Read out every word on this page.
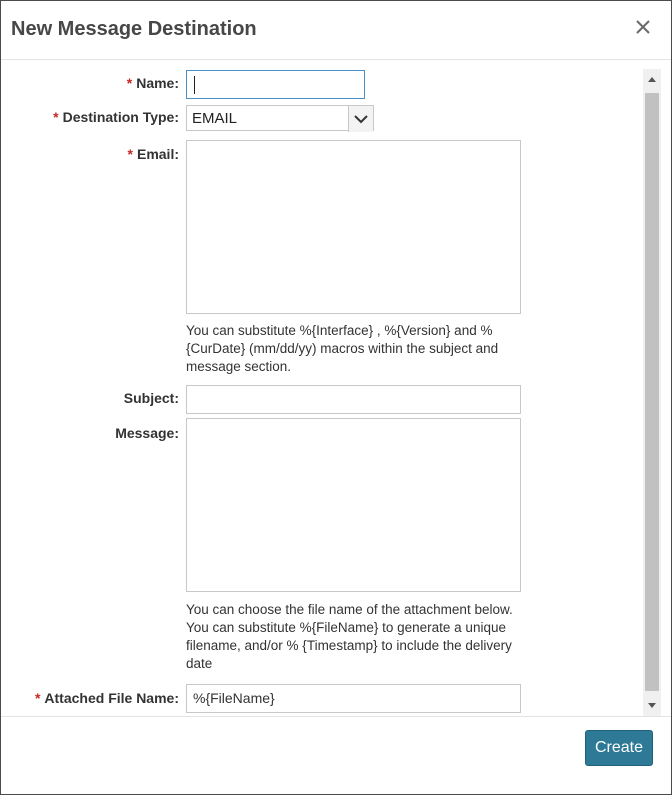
New Message Destination
* Name:
* Destination Type: EMAIL
* Email:
You can substitute %{Interface} , %{Version} and %{CurDate} (mm/dd/yy) macros within the subject and message section.
Subject:
Message:
You can choose the file name of the attachment below. You can substitute %{FileName} to generate a unique filename, and/or % {Timestamp} to include the delivery date
* Attached File Name:	%{FileName}
Create
